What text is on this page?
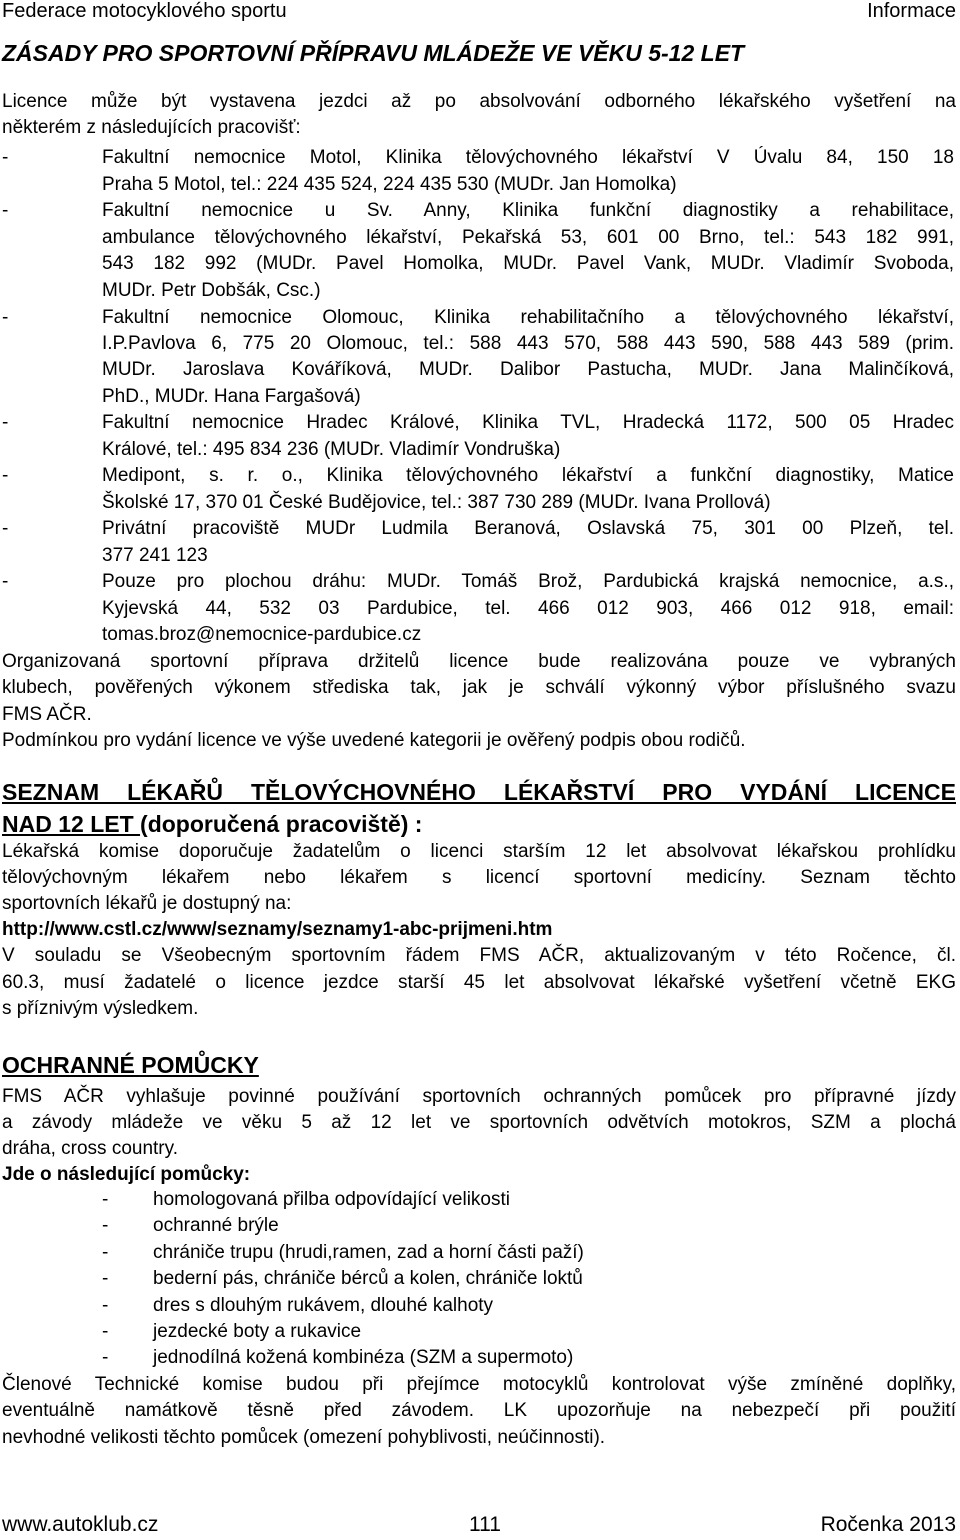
Federace motocyklového sportu	Informace
ZÁSADY PRO SPORTOVNÍ PŘÍPRAVU MLÁDEŽE VE VĚKU 5-12 LET
Licence může být vystavena jezdci až po absolvování odborného lékařského vyšetření na
některém z následujících pracovišť:
-	Fakultní nemocnice Motol, Klinika tělovýchovného lékařství V Úvalu 84, 150 18
Praha 5 Motol, tel.: 224 435 524, 224 435 530 (MUDr. Jan Homolka)
-	Fakultní nemocnice u Sv. Anny, Klinika funkční diagnostiky a rehabilitace,
ambulance tělovýchovného lékařství, Pekařská 53, 601 00 Brno, tel.: 543 182 991,
543 182 992 (MUDr. Pavel Homolka, MUDr. Pavel Vank, MUDr. Vladimír Svoboda,
MUDr. Petr Dobšák, Csc.)
-	Fakultní nemocnice Olomouc, Klinika rehabilitačního a tělovýchovného lékařství,
I.P.Pavlova 6, 775 20 Olomouc, tel.: 588 443 570, 588 443 590, 588 443 589 (prim.
MUDr. Jaroslava Kováříková, MUDr. Dalibor Pastucha, MUDr. Jana Malinčíková,
PhD., MUDr. Hana Fargašová)
-	Fakultní nemocnice Hradec Králové, Klinika TVL, Hradecká 1172, 500 05 Hradec
Králové, tel.: 495 834 236 (MUDr. Vladimír Vondruška)
-	Medipont, s. r. o., Klinika tělovýchovného lékařství a funkční diagnostiky, Matice
Školské 17, 370 01 České Budějovice, tel.: 387 730 289 (MUDr. Ivana Prollová)
-	Privátní pracoviště MUDr Ludmila Beranová, Oslavská 75, 301 00 Plzeň, tel.
377 241 123
-	Pouze pro plochou dráhu: MUDr. Tomáš Brož, Pardubická krajská nemocnice, a.s.,
Kyjevská 44, 532 03 Pardubice, tel. 466 012 903, 466 012 918, email:
tomas.broz@nemocnice-pardubice.cz
Organizovaná sportovní příprava držitelů licence bude realizována pouze ve vybraných
klubech, pověřených výkonem střediska tak, jak je schválí výkonný výbor příslušného svazu
FMS AČR.
Podmínkou pro vydání licence ve výše uvedené kategorii je ověřený podpis obou rodičů.
SEZNAM LÉKAŘŮ TĚLOVÝCHOVNÉHO LÉKAŘSTVÍ PRO VYDÁNÍ LICENCE
NAD 12 LET (doporučená pracoviště) :
Lékařská komise doporučuje žadatelům o licenci starším 12 let absolvovat lékařskou prohlídku
tělovýchovným lékařem nebo lékařem s licencí sportovní medicíny. Seznam těchto
sportovních lékařů je dostupný na:
http://www.cstl.cz/www/seznamy/seznamy1-abc-prijmeni.htm
V souladu se Všeobecným sportovním řádem FMS AČR, aktualizovaným v této Ročence, čl.
60.3, musí žadatelé o licence jezdce starší 45 let absolvovat lékařské vyšetření včetně EKG
s příznivým výsledkem.
OCHRANNÉ POMŮCKY
FMS AČR vyhlašuje povinné používání sportovních ochranných pomůcek pro přípravné jízdy
a závody mládeže ve věku 5 až 12 let ve sportovních odvětvích motokros, SZM a plochá
dráha, cross country.
Jde o následující pomůcky:
- homologovaná přilba odpovídající velikosti
- ochranné brýle
- chrániče trupu (hrudi,ramen, zad a horní části paží)
- bederní pás, chrániče bérců a kolen, chrániče loktů
- dres s dlouhým rukávem, dlouhé kalhoty
- jezdecké boty a rukavice
- jednodílná kožená kombinéza (SZM a supermoto)
Členové Technické komise budou při přejímce motocyklů kontrolovat výše zmíněné doplňky,
eventuálně namátkově těsně před závodem. LK upozorňuje na nebezpečí při použití
nevhodné velikosti těchto pomůcek (omezení pohyblivosti, neúčinnosti).
www.autoklub.cz	111	Ročenka 2013
